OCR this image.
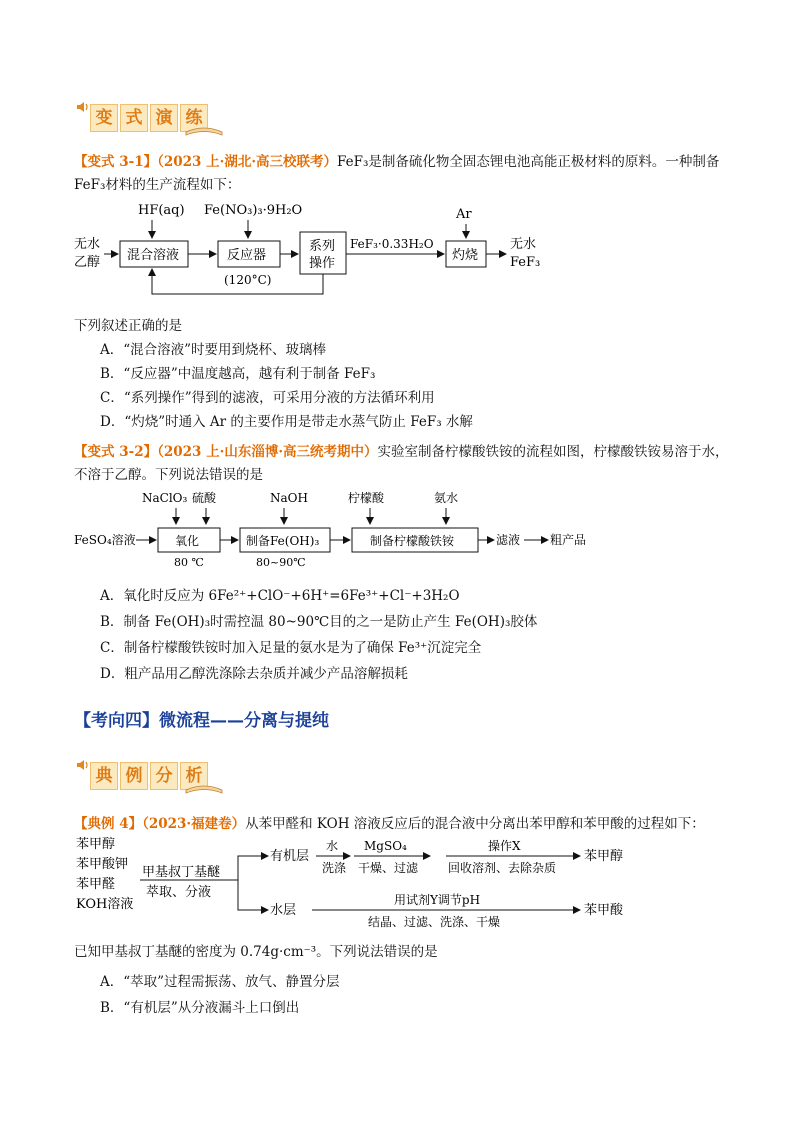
变 式 演 练
【变式 3-1】（2023 上·湖北·高三校联考）FeF₃是制备硫化物全固态锂电池高能正极材料的原料。一种制备
FeF₃材料的生产流程如下：
HF(aq) Fe(NO₃)₃·9H₂O	Ar
无水
乙醇 混合溶液	反应器
(120°C)
系列
操作
FeF₃·0.33H₂O
灼烧
无水
FeF₃
下列叙述正确的是
A．“混合溶液”时要用到烧杯、玻璃棒
B．“反应器”中温度越高，越有利于制备 FeF₃
C．“系列操作”得到的滤液，可采用分液的方法循环利用
D．“灼烧”时通入 Ar 的主要作用是带走水蒸气防止 FeF₃ 水解
【变式 3-2】（2023 上·山东淄博·高三统考期中）实验室制备柠檬酸铁铵的流程如图，柠檬酸铁铵易溶于水，
不溶于乙醇。下列说法错误的是
NaClO₃ 硫酸	NaOH	柠檬酸	氨水
FeSO₄溶液	氧化
80 ℃
制备Fe(OH)₃
80~90℃
制备柠檬酸铁铵	滤液 粗产品
A．氧化时反应为 6Fe²⁺+ClO⁻+6H⁺=6Fe³⁺+Cl⁻+3H₂O
B．制备 Fe(OH)₃时需控温 80~90℃目的之一是防止产生 Fe(OH)₃胶体
C．制备柠檬酸铁铵时加入足量的氨水是为了确保 Fe³⁺沉淀完全
D．粗产品用乙醇洗涤除去杂质并减少产品溶解损耗
【考向四】微流程——分离与提纯
典 例 分 析
【典例 4】（2023·福建卷）从苯甲醛和 KOH 溶液反应后的混合液中分离出苯甲醇和苯甲酸的过程如下：
苯甲醇
苯甲酸钾
苯甲醛
KOH溶液
甲基叔丁基醚
萃取、分液
有机层
水
洗涤
MgSO₄
干燥、过滤
操作X
回收溶剂、去除杂质
苯甲醇
水层
用试剂Y调节pH
结晶、过滤、洗涤、干燥
苯甲酸
已知甲基叔丁基醚的密度为 0.74g·cm⁻³。下列说法错误的是
A．“萃取”过程需振荡、放气、静置分层
B．“有机层”从分液漏斗上口倒出
